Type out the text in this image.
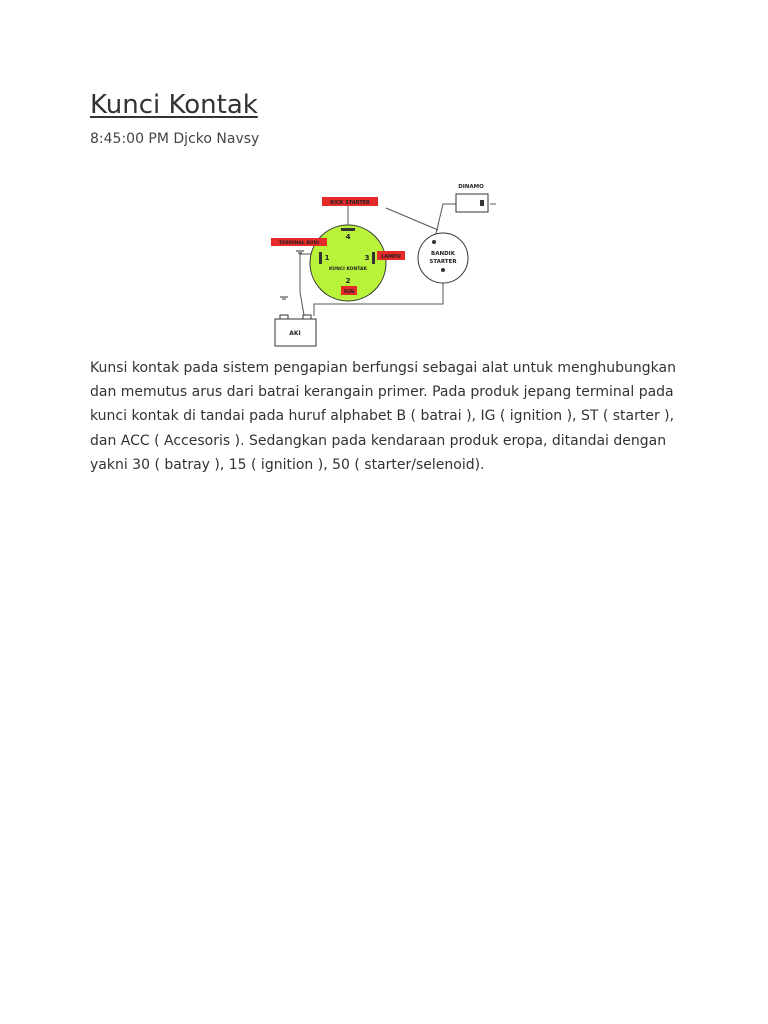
Kunci Kontak
8:45:00 PM Djcko Navsy
4
1	3
2
KUNCI KONTAK
KICK STARTER
TERMINAL BODI
LAMPU
IGN
BANDIK
STARTER
DINAMO
AKI

Kunsi kontak pada sistem pengapian berfungsi sebagai alat untuk menghubungkan dan memutus arus dari batrai kerangain primer. Pada produk jepang terminal pada kunci kontak di tandai pada huruf alphabet B ( batrai ), IG ( ignition ), ST ( starter ), dan ACC ( Accesoris ). Sedangkan pada kendaraan produk eropa, ditandai dengan yakni 30 ( batray ), 15 ( ignition ), 50 ( starter/selenoid).
